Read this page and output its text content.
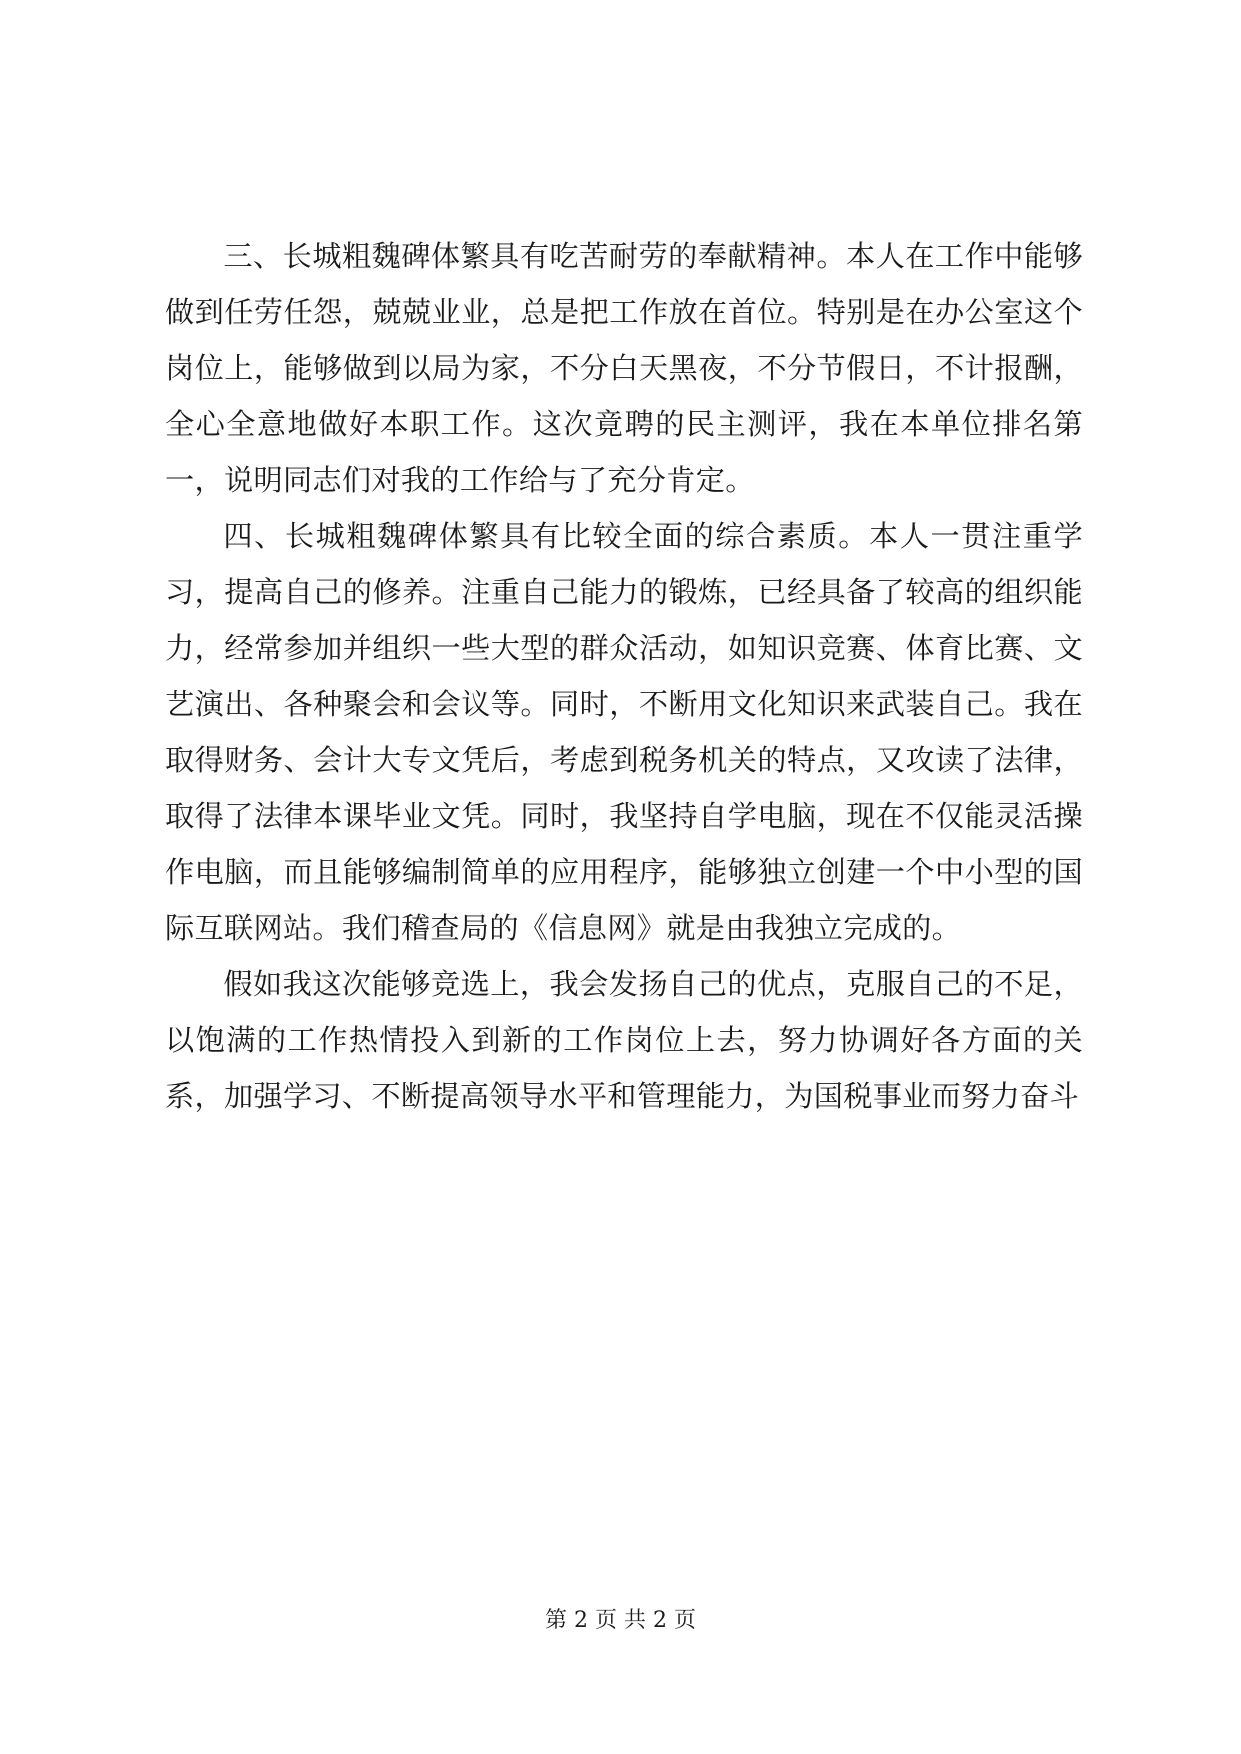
三、长城粗魏碑体繁具有吃苦耐劳的奉献精神。本人在工作中能够做到任劳任怨，兢兢业业，总是把工作放在首位。特别是在办公室这个岗位上，能够做到以局为家，不分白天黑夜，不分节假日，不计报酬，全心全意地做好本职工作。这次竟聘的民主测评，我在本单位排名第一，说明同志们对我的工作给与了充分肯定。

四、长城粗魏碑体繁具有比较全面的综合素质。本人一贯注重学习，提高自己的修养。注重自己能力的锻炼，已经具备了较高的组织能力，经常参加并组织一些大型的群众活动，如知识竞赛、体育比赛、文艺演出、各种聚会和会议等。同时，不断用文化知识来武装自己。我在取得财务、会计大专文凭后，考虑到税务机关的特点，又攻读了法律，取得了法律本课毕业文凭。同时，我坚持自学电脑，现在不仅能灵活操作电脑，而且能够编制简单的应用程序，能够独立创建一个中小型的国际互联网站。我们稽查局的《信息网》就是由我独立完成的。

假如我这次能够竞选上，我会发扬自己的优点，克服自己的不足，以饱满的工作热情投入到新的工作岗位上去，努力协调好各方面的关系，加强学习、不断提高领导水平和管理能力，为国税事业而努力奋斗

第 2 页 共 2 页
